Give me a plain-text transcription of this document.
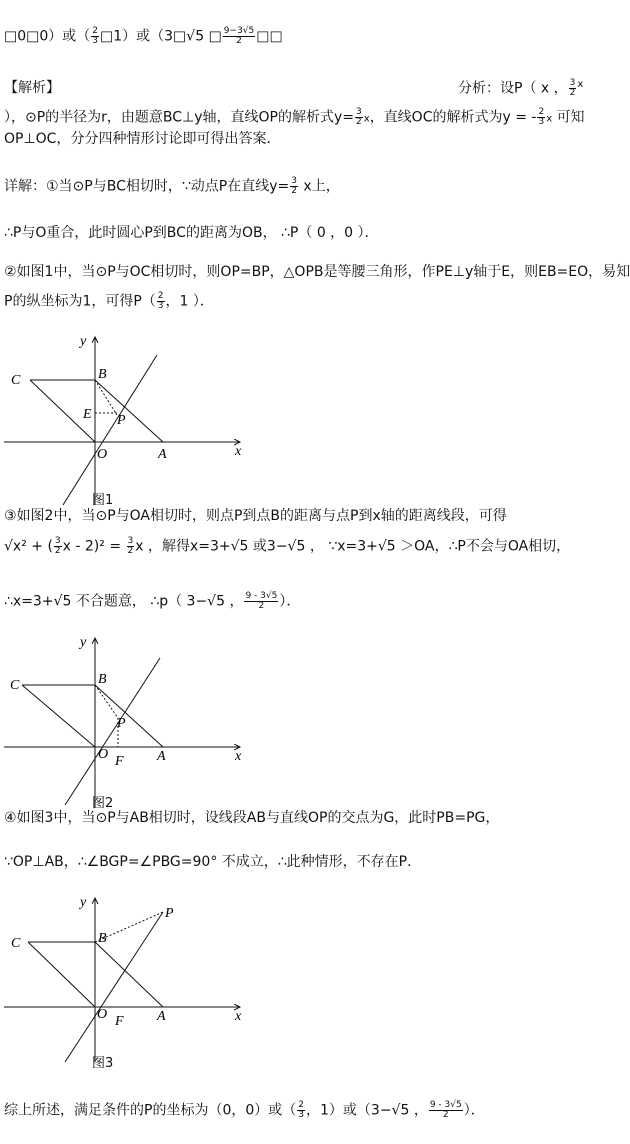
□0□0）或（ $\frac{2}{3}$ □1）或（3□√5 □ $\frac{9-3√5}{2}$ □□
【解析】	分析：设P（ x ， $\frac{3}{2} ^x$
），⊙P的半径为r，由题意BC⊥y轴，直线OP的解析式$y= \frac{3}{2}$ x，直线OC的解析式为y = - $\frac{2}{3}$ x 可知
OP⊥OC，分分四种情形讨论即可得出答案．
详解：①当⊙P与BC相切时，∵动点P在直线$y= \frac{3}{2}$ x上，
∴P与O重合，此时圆心P到BC的距离为OB， ∴P（ 0 ，0 ）．
②如图1中，当⊙P与OC相切时，则OP=BP，△OPB是等腰三角形，作PE⊥y轴于E，则EB=EO，易知
P的纵坐标为1，可得$P( \frac{2}{3}$ ，1 ）．
y
x
C	B
E P
O	A
图1
③如图2中，当⊙P与OA相切时，则点P到点B的距离与点P到x轴的距离线段，可得
√x² + ( $\frac{3}{2}$ $x - 2)^2 = \frac{3}{2}$ x ，解得x=3+√5 或3−√5 ， ∵x=3+√5 ＞OA，∴P不会与OA相切，
∴x=3+√5 不合题意， ∴p（ 3−√5 ， $\frac{9 - 3√5}{2}$ ）．
y
x
C	B
P
O F A
图2
④如图3中，当⊙P与AB相切时，设线段AB与直线OP的交点为G，此时PB=PG，
∵OP⊥AB，∴∠BGP=∠PBG=90° 不成立，∴此种情形，不存在P．
y
x
C	B
P
O F A
图3
综上所述，满足条件的P的坐标为（0，0）或（ $\frac{2}{3}$ ，1）或（3−√5 ， $\frac{9 - 3√5}{2}$ ）．
